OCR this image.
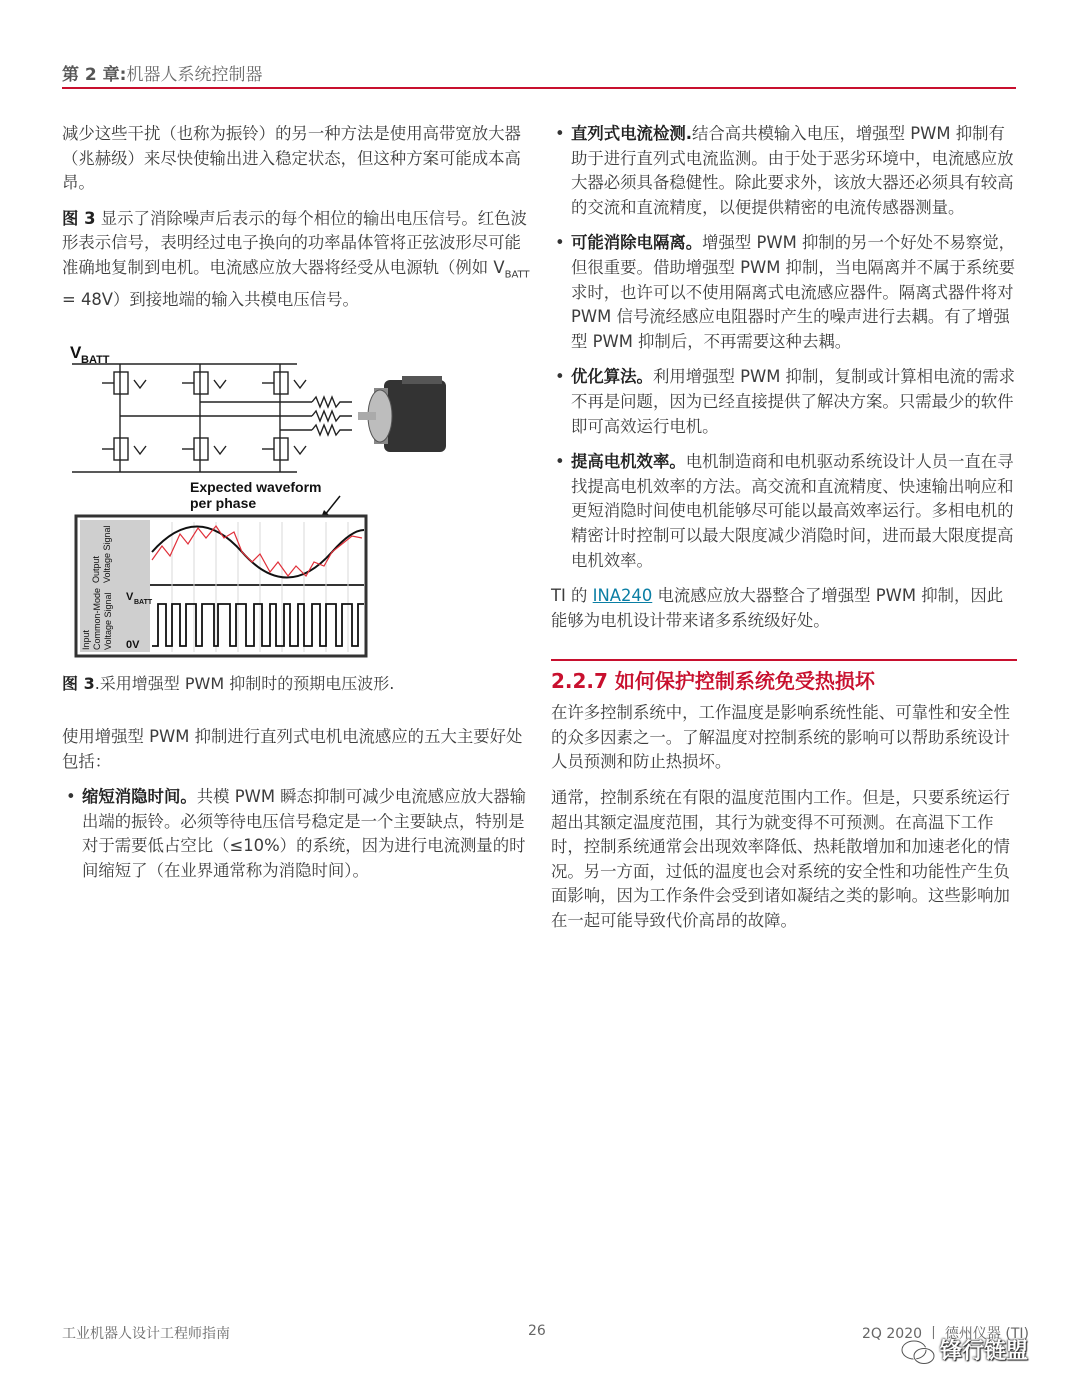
第 2 章:机器人系统控制器

减少这些干扰（也称为振铃）的另一种方法是使用高带宽放大器（兆赫级）来尽快使输出进入稳定状态，但这种方案可能成本高昂。

图 3 显示了消除噪声后表示的每个相位的输出电压信号。红色波形表示信号，表明经过电子换向的功率晶体管将正弦波形尽可能准确地复制到电机。电流感应放大器将经受从电源轨（例如 $V_{BATT} = 48V$）到接地端的输入共模电压信号。

V BATT
Expected waveform
per phase
Output Voltage Signal
Input Common-Mode Voltage Signal V BATT
0V

图 3.采用增强型 PWM 抑制时的预期电压波形.

使用增强型 PWM 抑制进行直列式电机电流感应的五大主要好处包括：

• 缩短消隐时间。共模 PWM 瞬态抑制可减少电流感应放大器输出端的振铃。必须等待电压信号稳定是一个主要缺点，特别是对于需要低占空比（≤10%）的系统，因为进行电流测量的时间缩短了（在业界通常称为消隐时间）。
• 直列式电流检测.结合高共模输入电压，增强型 PWM 抑制有助于进行直列式电流监测。由于处于恶劣环境中，电流感应放大器必须具备稳健性。除此要求外，该放大器还必须具有较高的交流和直流精度，以便提供精密的电流传感器测量。
• 可能消除电隔离。增强型 PWM 抑制的另一个好处不易察觉，但很重要。借助增强型 PWM 抑制，当电隔离并不属于系统要求时，也许可以不使用隔离式电流感应器件。隔离式器件将对 PWM 信号流经感应电阻器时产生的噪声进行去耦。有了增强型 PWM 抑制后，不再需要这种去耦。
• 优化算法。利用增强型 PWM 抑制，复制或计算相电流的需求不再是问题，因为已经直接提供了解决方案。只需最少的软件即可高效运行电机。
• 提高电机效率。电机制造商和电机驱动系统设计人员一直在寻找提高电机效率的方法。高交流和直流精度、快速输出响应和更短消隐时间使电机能够尽可能以最高效率运行。多相电机的精密计时控制可以最大限度减少消隐时间，进而最大限度提高电机效率。

TI 的 INA240 电流感应放大器整合了增强型 PWM 抑制，因此能够为电机设计带来诸多系统级好处。

2.2.7 如何保护控制系统免受热损坏

在许多控制系统中，工作温度是影响系统性能、可靠性和安全性的众多因素之一。了解温度对控制系统的影响可以帮助系统设计人员预测和防止热损坏。

通常，控制系统在有限的温度范围内工作。但是，只要系统运行超出其额定温度范围，其行为就变得不可预测。在高温下工作时，控制系统通常会出现效率降低、热耗散增加和加速老化的情况。另一方面，过低的温度也会对系统的安全性和功能性产生负面影响，因为工作条件会受到诸如凝结之类的影响。这些影响加在一起可能导致代价高昂的故障。

工业机器人设计工程师指南	26	2Q 2020 丨 德州仪器 (TI)
锋行链盟
